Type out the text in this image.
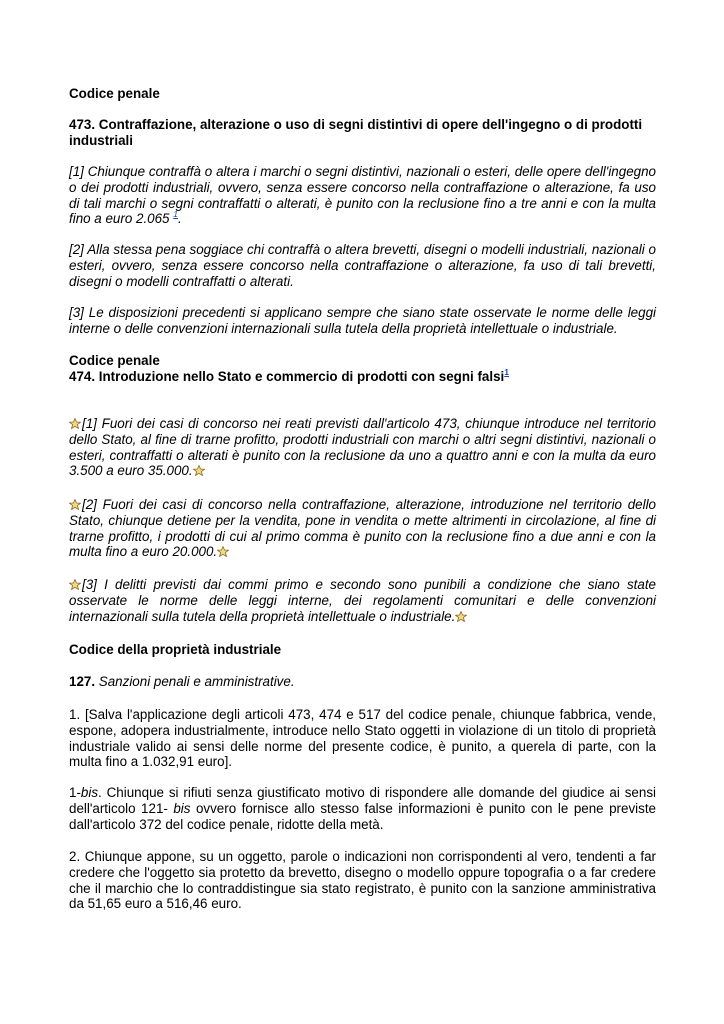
Codice penale

473. Contraffazione, alterazione o uso di segni distintivi di opere dell'ingegno o di prodotti industriali

[1] Chiunque contraffà o altera i marchi o segni distintivi, nazionali o esteri, delle opere dell'ingegno o dei prodotti industriali, ovvero, senza essere concorso nella contraffazione o alterazione, fa uso di tali marchi o segni contraffatti o alterati, è punito con la reclusione fino a tre anni e con la multa fino a euro 2.065 $^1$.

[2] Alla stessa pena soggiace chi contraffà o altera brevetti, disegni o modelli industriali, nazionali o esteri, ovvero, senza essere concorso nella contraffazione o alterazione, fa uso di tali brevetti, disegni o modelli contraffatti o alterati.

[3] Le disposizioni precedenti si applicano sempre che siano state osservate le norme delle leggi interne o delle convenzioni internazionali sulla tutela della proprietà intellettuale o industriale.

Codice penale

474. Introduzione nello Stato e commercio di prodotti con segni falsi$^1$

[1] Fuori dei casi di concorso nei reati previsti dall'articolo 473, chiunque introduce nel territorio dello Stato, al fine di trarne profitto, prodotti industriali con marchi o altri segni distintivi, nazionali o esteri, contraffatti o alterati è punito con la reclusione da uno a quattro anni e con la multa da euro 3.500 a euro 35.000.

[2] Fuori dei casi di concorso nella contraffazione, alterazione, introduzione nel territorio dello Stato, chiunque detiene per la vendita, pone in vendita o mette altrimenti in circolazione, al fine di trarne profitto, i prodotti di cui al primo comma è punito con la reclusione fino a due anni e con la multa fino a euro 20.000.

[3] I delitti previsti dai commi primo e secondo sono punibili a condizione che siano state osservate le norme delle leggi interne, dei regolamenti comunitari e delle convenzioni internazionali sulla tutela della proprietà intellettuale o industriale.

Codice della proprietà industriale

127. Sanzioni penali e amministrative.

1. [Salva l'applicazione degli articoli 473, 474 e 517 del codice penale, chiunque fabbrica, vende, espone, adopera industrialmente, introduce nello Stato oggetti in violazione di un titolo di proprietà industriale valido ai sensi delle norme del presente codice, è punito, a querela di parte, con la multa fino a 1.032,91 euro].

1-bis. Chiunque si rifiuti senza giustificato motivo di rispondere alle domande del giudice ai sensi dell'articolo 121- bis ovvero fornisce allo stesso false informazioni è punito con le pene previste dall'articolo 372 del codice penale, ridotte della metà.

2. Chiunque appone, su un oggetto, parole o indicazioni non corrispondenti al vero, tendenti a far credere che l'oggetto sia protetto da brevetto, disegno o modello oppure topografia o a far credere che il marchio che lo contraddistingue sia stato registrato, è punito con la sanzione amministrativa da 51,65 euro a 516,46 euro.
